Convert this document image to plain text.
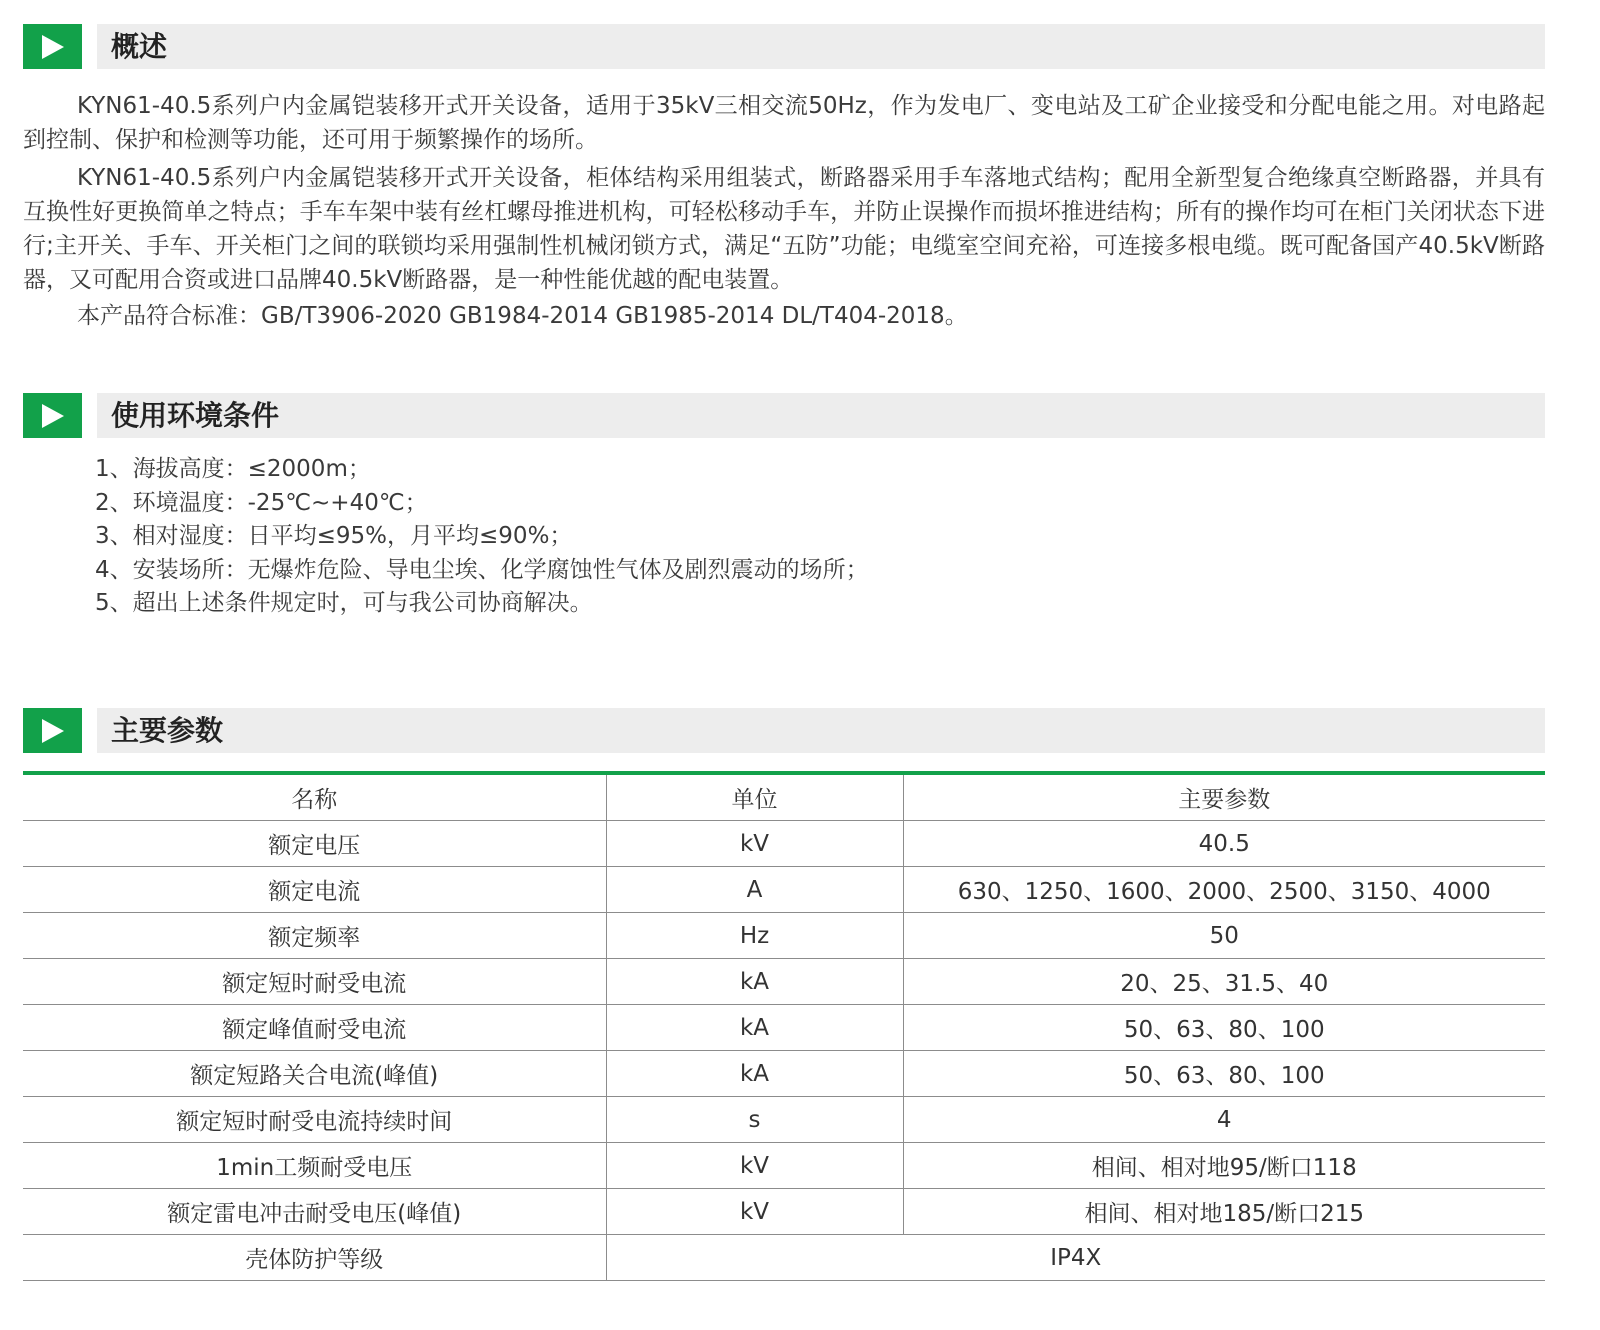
概述

KYN61-40.5系列户内金属铠装移开式开关设备，适用于35kV三相交流50Hz，作为发电厂、变电站及工矿企业接受和分配电能之用。对电路起到控制、保护和检测等功能，还可用于频繁操作的场所。

KYN61-40.5系列户内金属铠装移开式开关设备，柜体结构采用组装式，断路器采用手车落地式结构；配用全新型复合绝缘真空断路器，并具有互换性好更换简单之特点；手车车架中装有丝杠螺母推进机构，可轻松移动手车，并防止误操作而损坏推进结构；所有的操作均可在柜门关闭状态下进行;主开关、手车、开关柜门之间的联锁均采用强制性机械闭锁方式，满足“五防”功能；电缆室空间充裕，可连接多根电缆。既可配备国产40.5kV断路器，又可配用合资或进口品牌40.5kV断路器，是一种性能优越的配电装置。

本产品符合标准：GB/T3906-2020 GB1984-2014 GB1985-2014 DL/T404-2018。

使用环境条件
1、海拔高度：≤2000m；
2、环境温度：-25℃~+40℃；
3、相对湿度：日平均≤95%，月平均≤90%；
4、安装场所：无爆炸危险、导电尘埃、化学腐蚀性气体及剧烈震动的场所；
5、超出上述条件规定时，可与我公司协商解决。
主要参数
名称	单位	主要参数
额定电压	kV	40.5
额定电流	A	630、1250、1600、2000、2500、3150、4000
额定频率	Hz	50
额定短时耐受电流	kA	20、25、31.5、40
额定峰值耐受电流	kA	50、63、80、100
额定短路关合电流(峰值)	kA	50、63、80、100
额定短时耐受电流持续时间	s	4
1min工频耐受电压	kV	相间、相对地95/断口118
额定雷电冲击耐受电压(峰值)	kV	相间、相对地185/断口215
壳体防护等级	IP4X	
